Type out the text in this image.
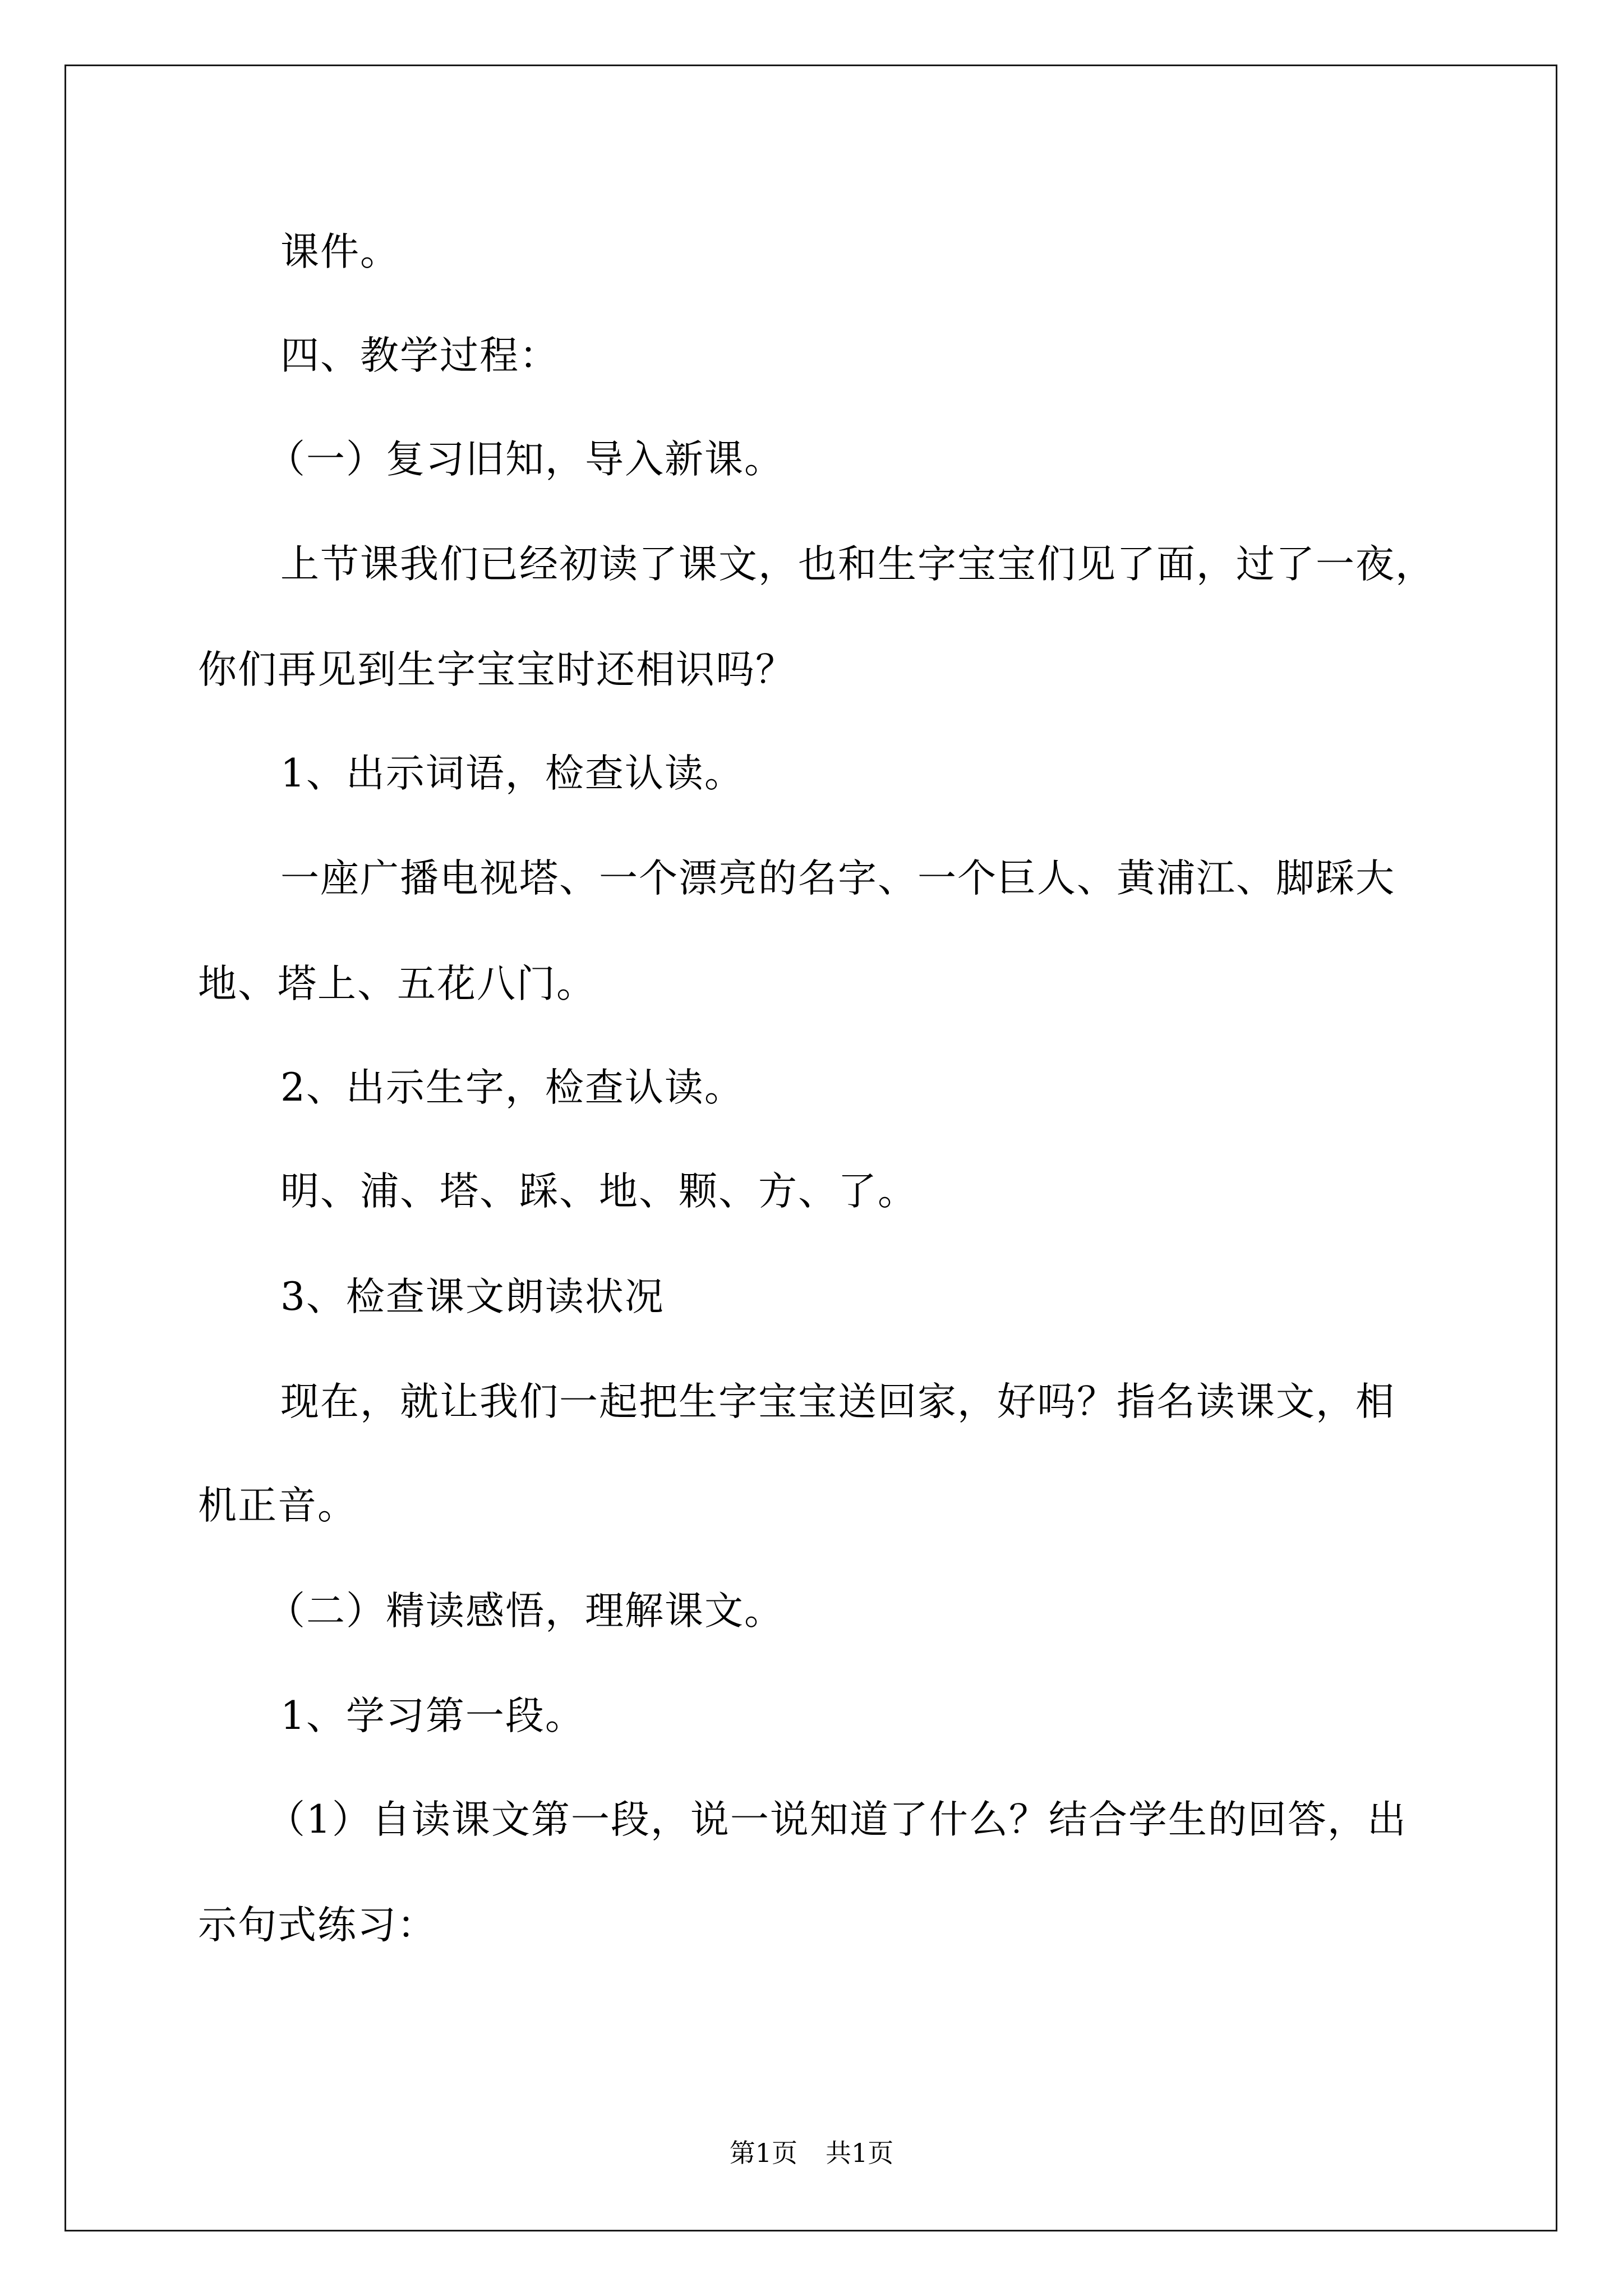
课件。

四、教学过程：

（一）复习旧知，导入新课。

上节课我们已经初读了课文，也和生字宝宝们见了面，过了一夜，

你们再见到生字宝宝时还相识吗？

1、出示词语，检查认读。

一座广播电视塔、一个漂亮的名字、一个巨人、黄浦江、脚踩大

地、塔上、五花八门。

2、出示生字，检查认读。

明、浦、塔、踩、地、颗、方、了。

3、检查课文朗读状况

现在，就让我们一起把生字宝宝送回家，好吗？指名读课文，相

机正音。

（二）精读感悟，理解课文。

1、学习第一段。

（1）自读课文第一段，说一说知道了什么？结合学生的回答，出

示句式练习：

第1页 共1页
